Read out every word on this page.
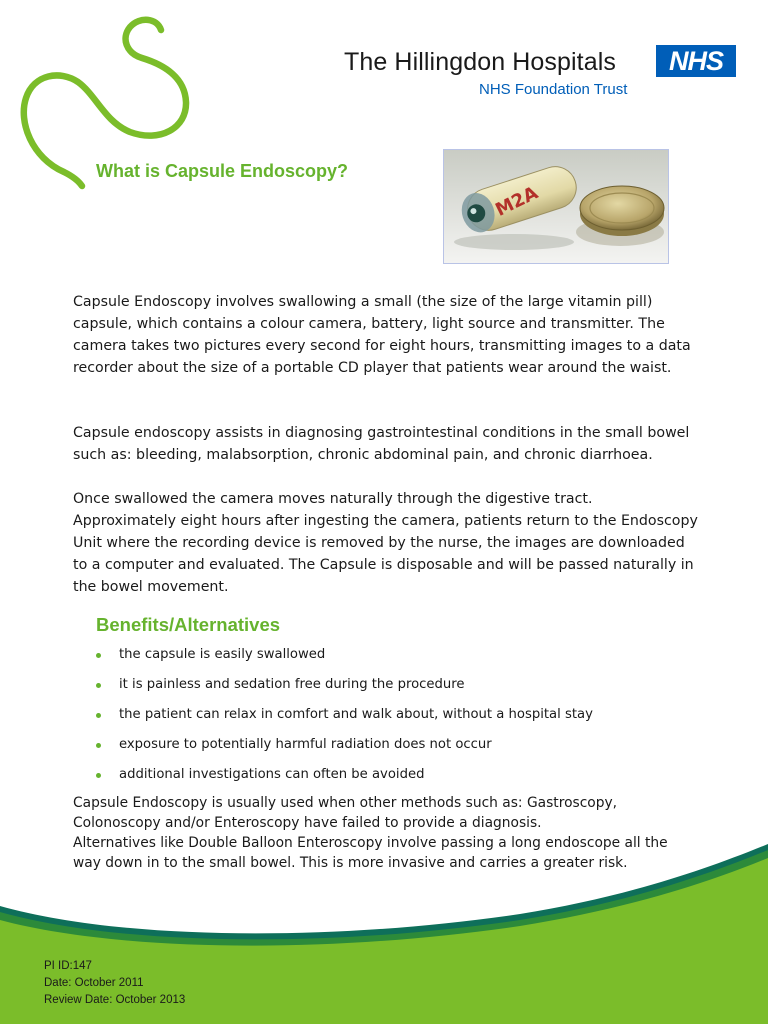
The Hillingdon Hospitals	NHS
NHS Foundation Trust
What is Capsule Endoscopy?
M2A

Capsule Endoscopy involves swallowing a small (the size of the large vitamin pill) capsule, which contains a colour camera, battery, light source and transmitter. The camera takes two pictures every second for eight hours, transmitting images to a data recorder about the size of a portable CD player that patients wear around the waist.

Capsule endoscopy assists in diagnosing gastrointestinal conditions in the small bowel such as: bleeding, malabsorption, chronic abdominal pain, and chronic diarrhoea.

Once swallowed the camera moves naturally through the digestive tract. Approximately eight hours after ingesting the camera, patients return to the Endoscopy Unit where the recording device is removed by the nurse, the images are downloaded to a computer and evaluated. The Capsule is disposable and will be passed naturally in the bowel movement.

Benefits/Alternatives
the capsule is easily swallowed
it is painless and sedation free during the procedure
the patient can relax in comfort and walk about, without a hospital stay
exposure to potentially harmful radiation does not occur
additional investigations can often be avoided

Capsule Endoscopy is usually used when other methods such as: Gastroscopy, Colonoscopy and/or Enteroscopy have failed to provide a diagnosis.

Alternatives like Double Balloon Enteroscopy involve passing a long endoscope all the way down in to the small bowel. This is more invasive and carries a greater risk.

PI ID:147
Date: October 2011
Review Date: October 2013
